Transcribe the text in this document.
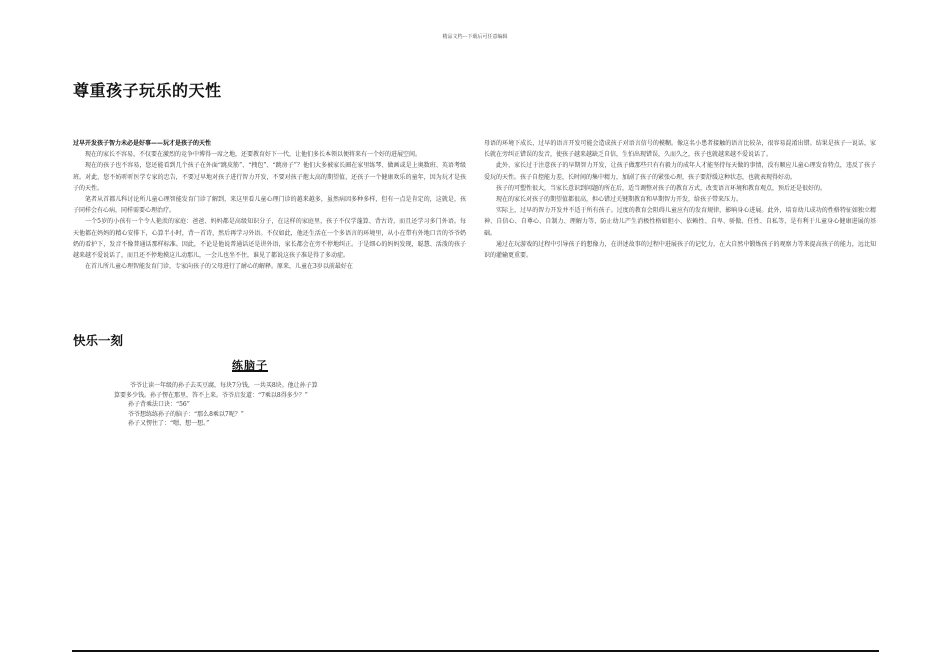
精品文档---下载后可任意编辑
尊重孩子玩乐的天性

过早开发孩子智力未必是好事——玩才是孩子的天性

现在的家长不容易，不仅要在激烈的竞争中博得一席之地，还要教育好下一代，让他们多长本领以便将来有一个好的进展空间。

现在的孩子也不容易，您还能看到几个孩子在外面“跳皮筋”、“拽包”、“跳房子”？他们大多被家长圈在家里练琴、做画或是上奥数班、英语考级班。对此，您不妨听听医学专家的忠告，不要过早地对孩子进行智力开发，不要对孩子抱太高的期望值，还孩子一个健康欢乐的童年，因为玩才是孩子的天性。

笔者从首都儿科讨论所儿童心理智能发育门诊了解到，来这里看儿童心理门诊的越来越多，虽然病因多种多样，但有一点是肯定的，这就是，孩子同样会有心病，同样需要心理治疗。

一个5岁的小孩有一个令人艳羡的家庭：爸爸、妈妈都是高级知识分子，在这样的家庭里，孩子不仅学蓬算、背古诗，而且还学习多门外语。每天他都在妈妈的精心安排下，心算半小时，背一首诗，然后再学习外语。不仅如此，他还生活在一个多语言的环境里，从小在带有外地口音的爷爷奶奶的看护下，发音不像普通话那样标准。因此，不论是他说普通话还是讲外语，家长都会在旁不停地纠正。于是细心的妈妈发现，聪慧、活泼的孩子越来越不爱说话了，而且还不停地摸这儿动那儿，一会儿也坐不住，谁见了都说这孩子准是得了多动症。

在首儿所儿童心理智能发育门诊，专家向孩子的父母进行了耐心的解释。原来，儿童在3岁以前最好在

母语的环境下成长，过早的语言开发可能会造成孩子对语言信号的模糊。像这名小患者接触的语言比较杂，很容易混淆出错。结果是孩子一说话，家长就在旁纠正错误的发音，使孩子越来越缺乏自信，生怕出现错误，久而久之，孩子也就越来越不爱说话了。

此外，家长过于注意孩子的早期智力开发，让孩子做那些只有有毅力的成年人才能坚持每天做的事情，没有顺应儿童心理发育特点，违反了孩子爱玩的天性。孩子自控能力差，长时间的集中精力，加剧了孩子的紧张心理，孩子要舒缓这种状态，也就表现得好动。

孩子的可塑性很大，当家长意识到问题的所在后，适当调整对孩子的教育方式，改变语言环境和教育观点，预后还是很好的。

现在的家长对孩子的期望值都很高，担心错过关键期教育和早期智力开发，给孩子带来压力。

实际上，过早的智力开发并不适于所有孩子。过度的教育会阻碍儿童应有的发育规律，影响身心进展。此外，培育幼儿成功的性格特征如独立精神、自信心、自尊心、自制力、理解力等，防止幼儿产生消极性格如胆小、依赖性、自卑、骄傲、任性、自私等，是有利于儿童身心健康进展的基础。

通过在玩游戏的过程中引导孩子的想像力，在讲述故事的过程中进展孩子的记忆力，在大自然中锻炼孩子的观察力等来提高孩子的能力，远比知识的灌输更重要。

快乐一刻
练脑子

爷爷让读一年级的孙子去买豆腐，每块7分钱，一共买8块。他让孙子算

算要多少钱。孙子愣在那里，答不上来。爷爷启发道：“7乘以8得多少？”

孙子背乘法口诀：“56”

爷爷想练练孙子的脑子：“那么8乘以7呢？”

孙子又愣住了：“嗯，想一想。”
